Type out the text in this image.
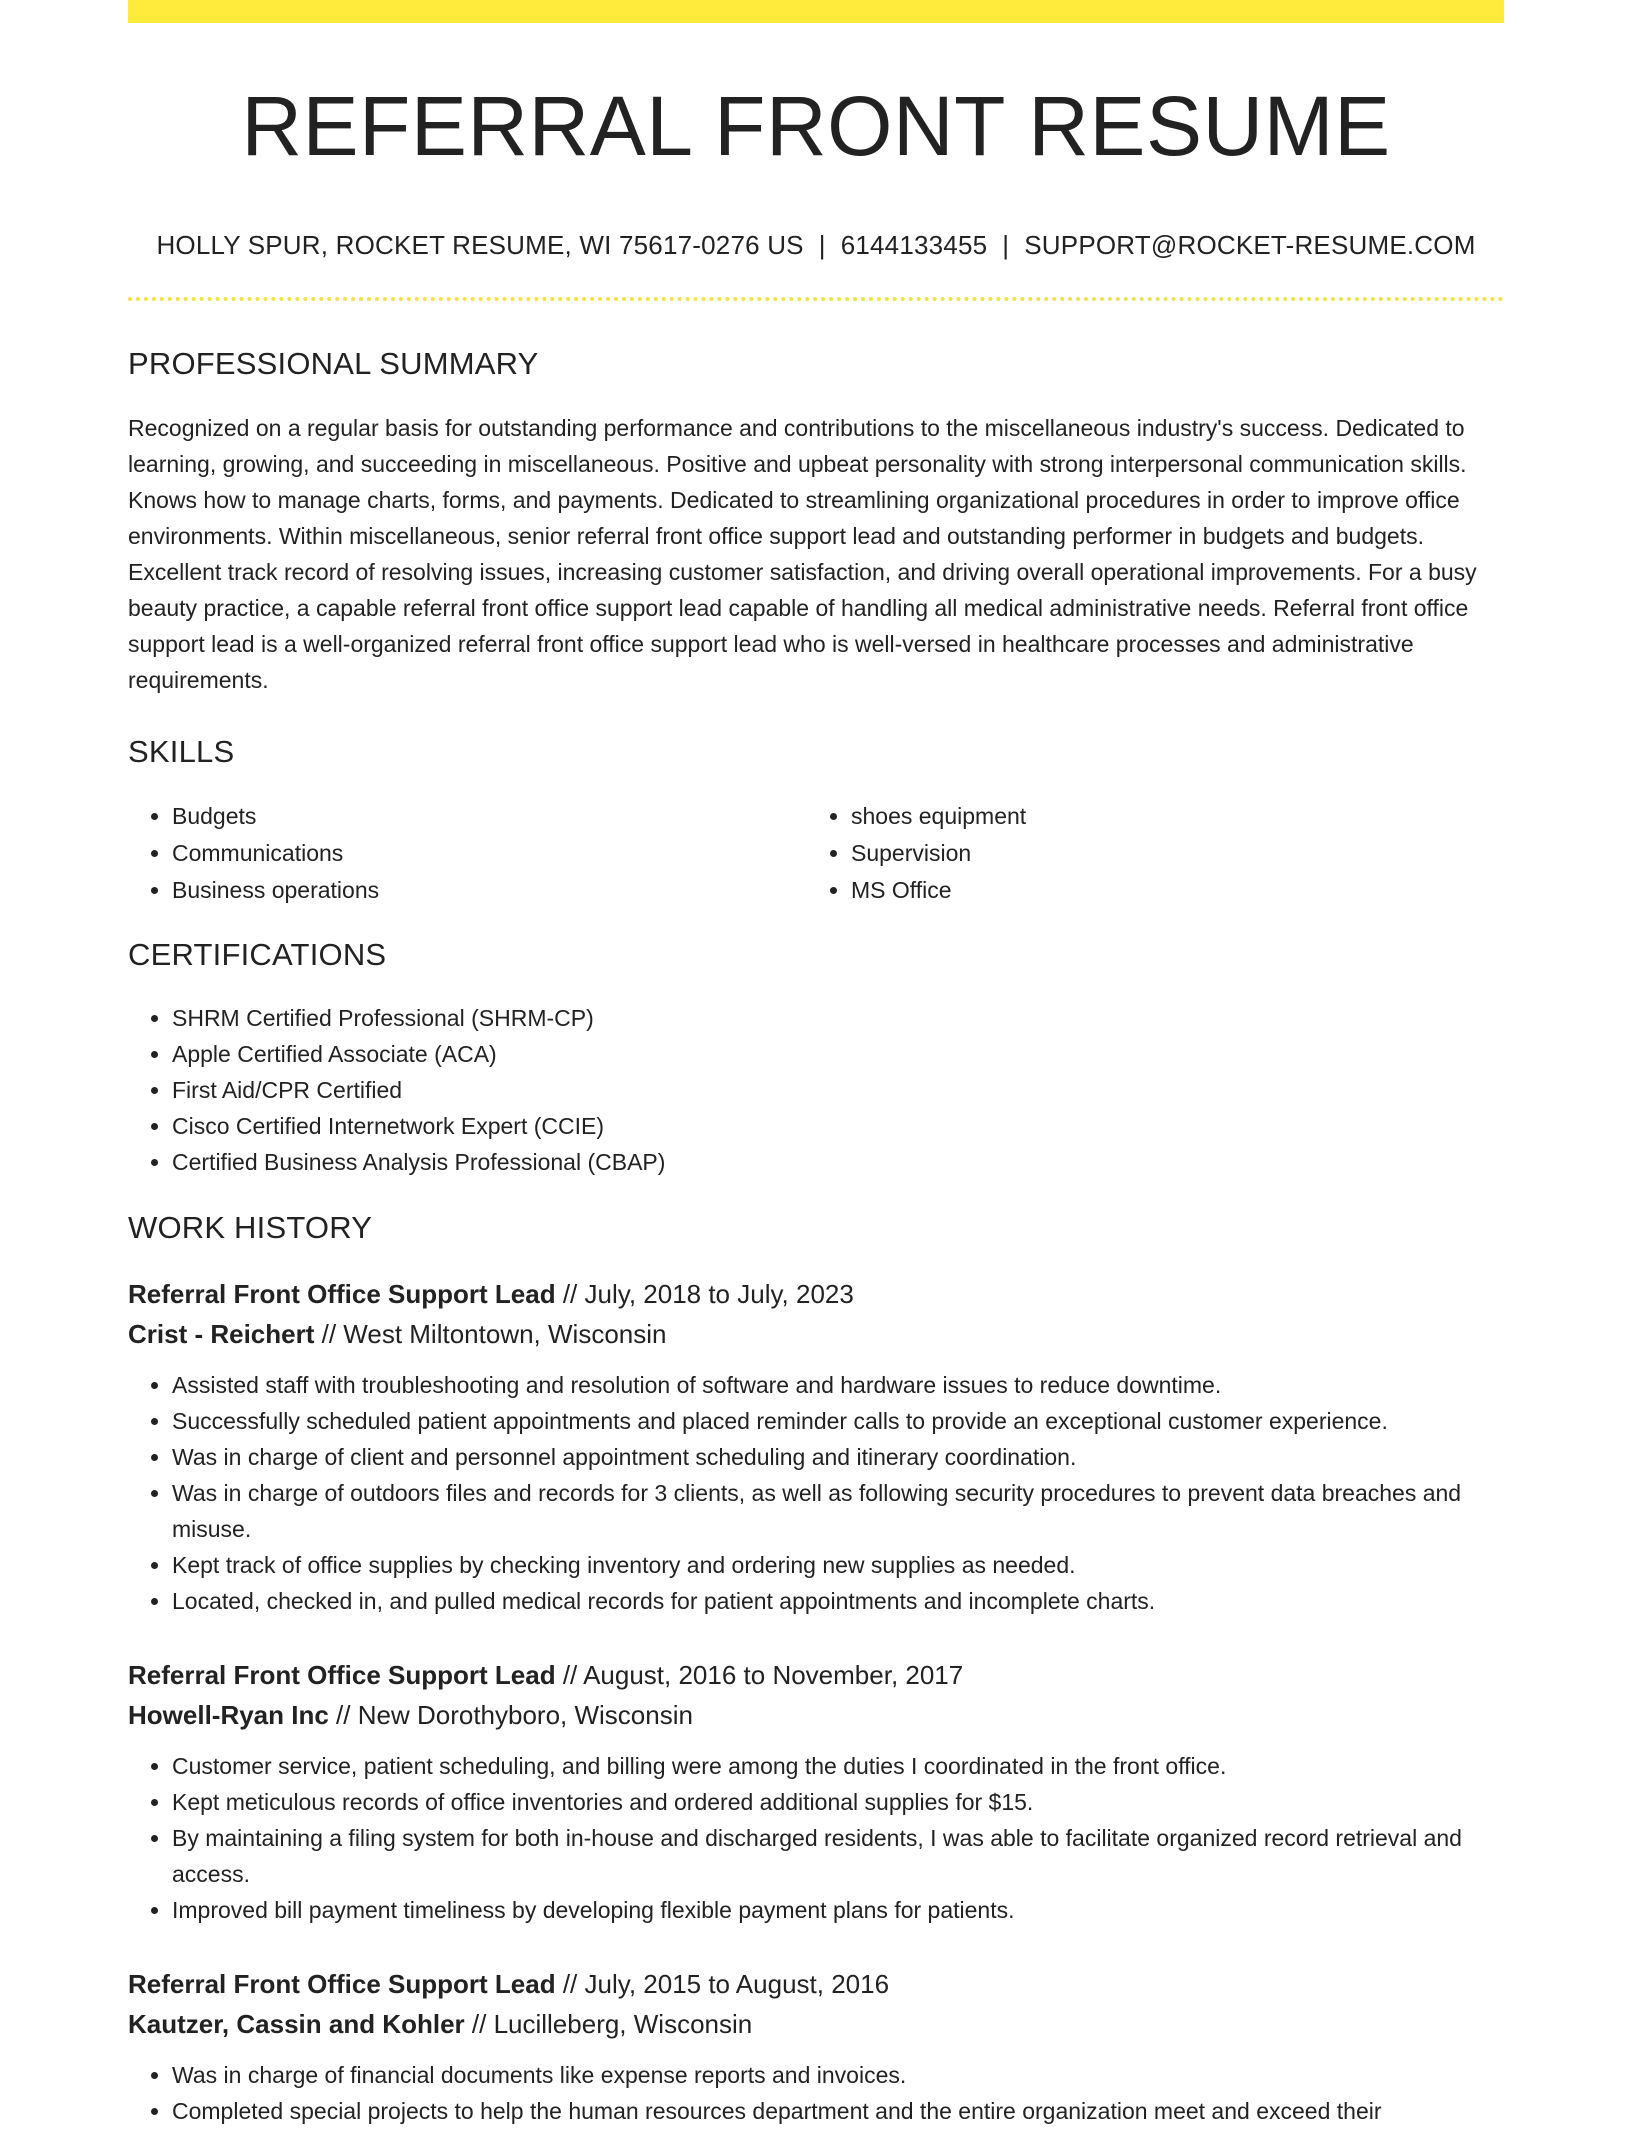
REFERRAL FRONT RESUME
HOLLY SPUR, ROCKET RESUME, WI 75617-0276 US | 6144133455 | SUPPORT@ROCKET-RESUME.COM
PROFESSIONAL SUMMARY

Recognized on a regular basis for outstanding performance and contributions to the miscellaneous industry's success. Dedicated to learning, growing, and succeeding in miscellaneous. Positive and upbeat personality with strong interpersonal communication skills. Knows how to manage charts, forms, and payments. Dedicated to streamlining organizational procedures in order to improve office environments. Within miscellaneous, senior referral front office support lead and outstanding performer in budgets and budgets. Excellent track record of resolving issues, increasing customer satisfaction, and driving overall operational improvements. For a busy beauty practice, a capable referral front office support lead capable of handling all medical administrative needs. Referral front office support lead is a well-organized referral front office support lead who is well-versed in healthcare processes and administrative requirements.

SKILLS
• Budgets
• Communications
• Business operations
• shoes equipment
• Supervision
• MS Office
CERTIFICATIONS
• SHRM Certified Professional (SHRM-CP)
• Apple Certified Associate (ACA)
• First Aid/CPR Certified
• Cisco Certified Internetwork Expert (CCIE)
• Certified Business Analysis Professional (CBAP)
WORK HISTORY
Referral Front Office Support Lead // July, 2018 to July, 2023
Crist - Reichert // West Miltontown, Wisconsin
• Assisted staff with troubleshooting and resolution of software and hardware issues to reduce downtime.
• Successfully scheduled patient appointments and placed reminder calls to provide an exceptional customer experience.
• Was in charge of client and personnel appointment scheduling and itinerary coordination.
• Was in charge of outdoors files and records for 3 clients, as well as following security procedures to prevent data breaches and misuse.
• Kept track of office supplies by checking inventory and ordering new supplies as needed.
• Located, checked in, and pulled medical records for patient appointments and incomplete charts.
Referral Front Office Support Lead // August, 2016 to November, 2017
Howell-Ryan Inc // New Dorothyboro, Wisconsin
• Customer service, patient scheduling, and billing were among the duties I coordinated in the front office.
• Kept meticulous records of office inventories and ordered additional supplies for $15.
• By maintaining a filing system for both in-house and discharged residents, I was able to facilitate organized record retrieval and access.
• Improved bill payment timeliness by developing flexible payment plans for patients.
Referral Front Office Support Lead // July, 2015 to August, 2016
Kautzer, Cassin and Kohler // Lucilleberg, Wisconsin
• Was in charge of financial documents like expense reports and invoices.
• Completed special projects to help the human resources department and the entire organization meet and exceed their
